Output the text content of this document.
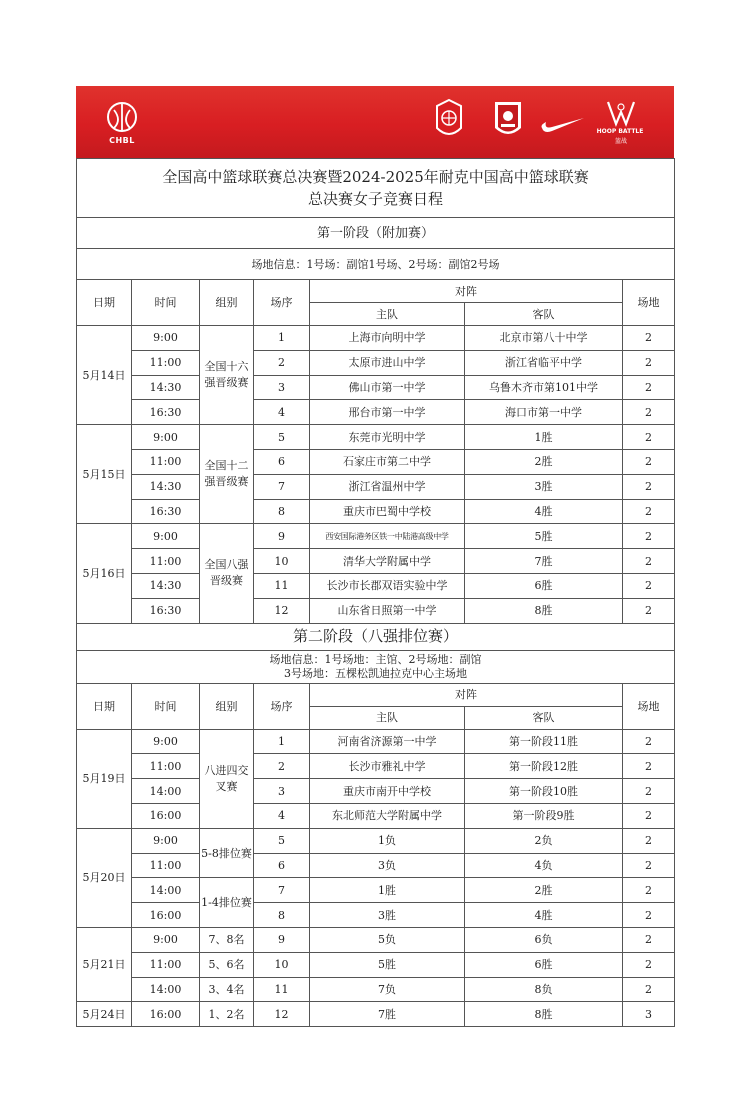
CHBL
HOOP BATTLE
篮战
全国高中篮球联赛总决赛暨2024-2025年耐克中国高中篮球联赛
总决赛女子竞赛日程						
第一阶段（附加赛）						
场地信息：1号场：副馆1号场、2号场：副馆2号场						
日期	时间	组别	场序	对阵		场地
				主队	客队	
5月14日	9:00	全国十六强晋级赛	1	上海市向明中学	北京市第八十中学	2
	11:00		2	太原市进山中学	浙江省临平中学	2
	14:30		3	佛山市第一中学	乌鲁木齐市第101中学	2
	16:30		4	邢台市第一中学	海口市第一中学	2
5月15日	9:00	全国十二强晋级赛	5	东莞市光明中学	1胜	2
	11:00		6	石家庄市第二中学	2胜	2
	14:30		7	浙江省温州中学	3胜	2
	16:30		8	重庆市巴蜀中学校	4胜	2
5月16日	9:00	全国八强晋级赛	9	西安国际港务区铁一中陆港高级中学	5胜	2
	11:00		10	清华大学附属中学	7胜	2
	14:30		11	长沙市长郡双语实验中学	6胜	2
	16:30		12	山东省日照第一中学	8胜	2
第二阶段（八强排位赛）						
场地信息：1号场地：主馆、2号场地：副馆
3号场地：五棵松凯迪拉克中心主场地						
日期	时间	组别	场序	对阵		场地
				主队	客队	
5月19日	9:00	八进四交叉赛	1	河南省济源第一中学	第一阶段11胜	2
	11:00		2	长沙市雅礼中学	第一阶段12胜	2
	14:00		3	重庆市南开中学校	第一阶段10胜	2
	16:00		4	东北师范大学附属中学	第一阶段9胜	2
5月20日	9:00	5-8排位赛	5	1负	2负	2
	11:00		6	3负	4负	2
	14:00	1-4排位赛	7	1胜	2胜	2
	16:00		8	3胜	4胜	2
5月21日	9:00	7、8名	9	5负	6负	2
	11:00	5、6名	10	5胜	6胜	2
	14:00	3、4名	11	7负	8负	2
5月24日	16:00	1、2名	12	7胜	8胜	3
